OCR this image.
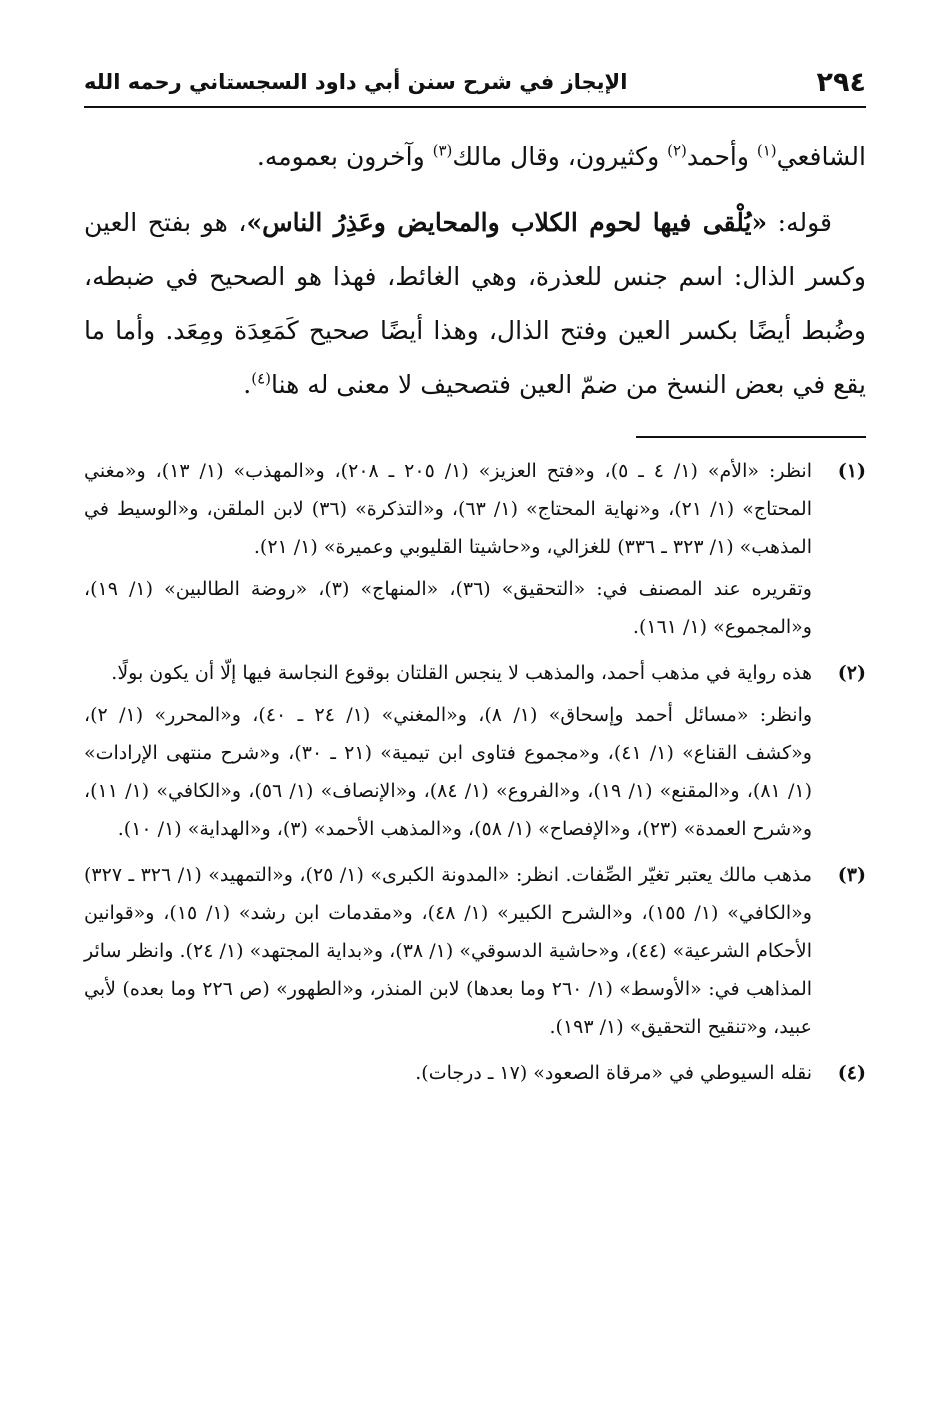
٢٩٤
الإيجاز في شرح سنن أبي داود السجستاني رحمه الله

الشافعي$^{(١)}$ وأحمد$^{(٢)}$ وكثيرون، وقال مالك$^{(٣)}$ وآخرون بعمومه.

قوله: «يُلْقى فيها لحوم الكلاب والمحايض وعَذِرُ الناس»، هو بفتح العين وكسر الذال: اسم جنس للعذرة، وهي الغائط، فهذا هو الصحيح في ضبطه، وضُبط أيضًا بكسر العين وفتح الذال، وهذا أيضًا صحيح كَمَعِدَة ومِعَد. وأما ما يقع في بعض النسخ من ضمّ العين فتصحيف لا معنى له هنا$^{(٤)}$.

(١)

انظر: «الأم» (١/ ٤ ـ ٥)، و«فتح العزيز» (١/ ٢٠٥ ـ ٢٠٨)، و«المهذب» (١/ ١٣)، و«مغني المحتاج» (١/ ٢١)، و«نهاية المحتاج» (١/ ٦٣)، و«التذكرة» (٣٦) لابن الملقن، و«الوسيط في المذهب» (١/ ٣٢٣ ـ ٣٣٦) للغزالي، و«حاشيتا القليوبي وعميرة» (١/ ٢١).

وتقريره عند المصنف في: «التحقيق» (٣٦)، «المنهاج» (٣)، «روضة الطالبين» (١/ ١٩)، و«المجموع» (١/ ١٦١).

(٢)

هذه رواية في مذهب أحمد، والمذهب لا ينجس القلتان بوقوع النجاسة فيها إلّا أن يكون بولًا.

وانظر: «مسائل أحمد وإسحاق» (١/ ٨)، و«المغني» (١/ ٢٤ ـ ٤٠)، و«المحرر» (١/ ٢)، و«كشف القناع» (١/ ٤١)، و«مجموع فتاوى ابن تيمية» (٢١ ـ ٣٠)، و«شرح منتهى الإرادات» (١/ ٨١)، و«المقنع» (١/ ١٩)، و«الفروع» (١/ ٨٤)، و«الإنصاف» (١/ ٥٦)، و«الكافي» (١/ ١١)، و«شرح العمدة» (٢٣)، و«الإفصاح» (١/ ٥٨)، و«المذهب الأحمد» (٣)، و«الهداية» (١/ ١٠).

(٣)

مذهب مالك يعتبر تغيّر الصِّفات. انظر: «المدونة الكبرى» (١/ ٢٥)، و«التمهيد» (١/ ٣٢٦ ـ ٣٢٧) و«الكافي» (١/ ١٥٥)، و«الشرح الكبير» (١/ ٤٨)، و«مقدمات ابن رشد» (١/ ١٥)، و«قوانين الأحكام الشرعية» (٤٤)، و«حاشية الدسوقي» (١/ ٣٨)، و«بداية المجتهد» (١/ ٢٤). وانظر سائر المذاهب في: «الأوسط» (١/ ٢٦٠ وما بعدها) لابن المنذر، و«الطهور» (ص ٢٢٦ وما بعده) لأبي عبيد، و«تنقيح التحقيق» (١/ ١٩٣).

(٤)

نقله السيوطي في «مرقاة الصعود» (١٧ ـ درجات).
